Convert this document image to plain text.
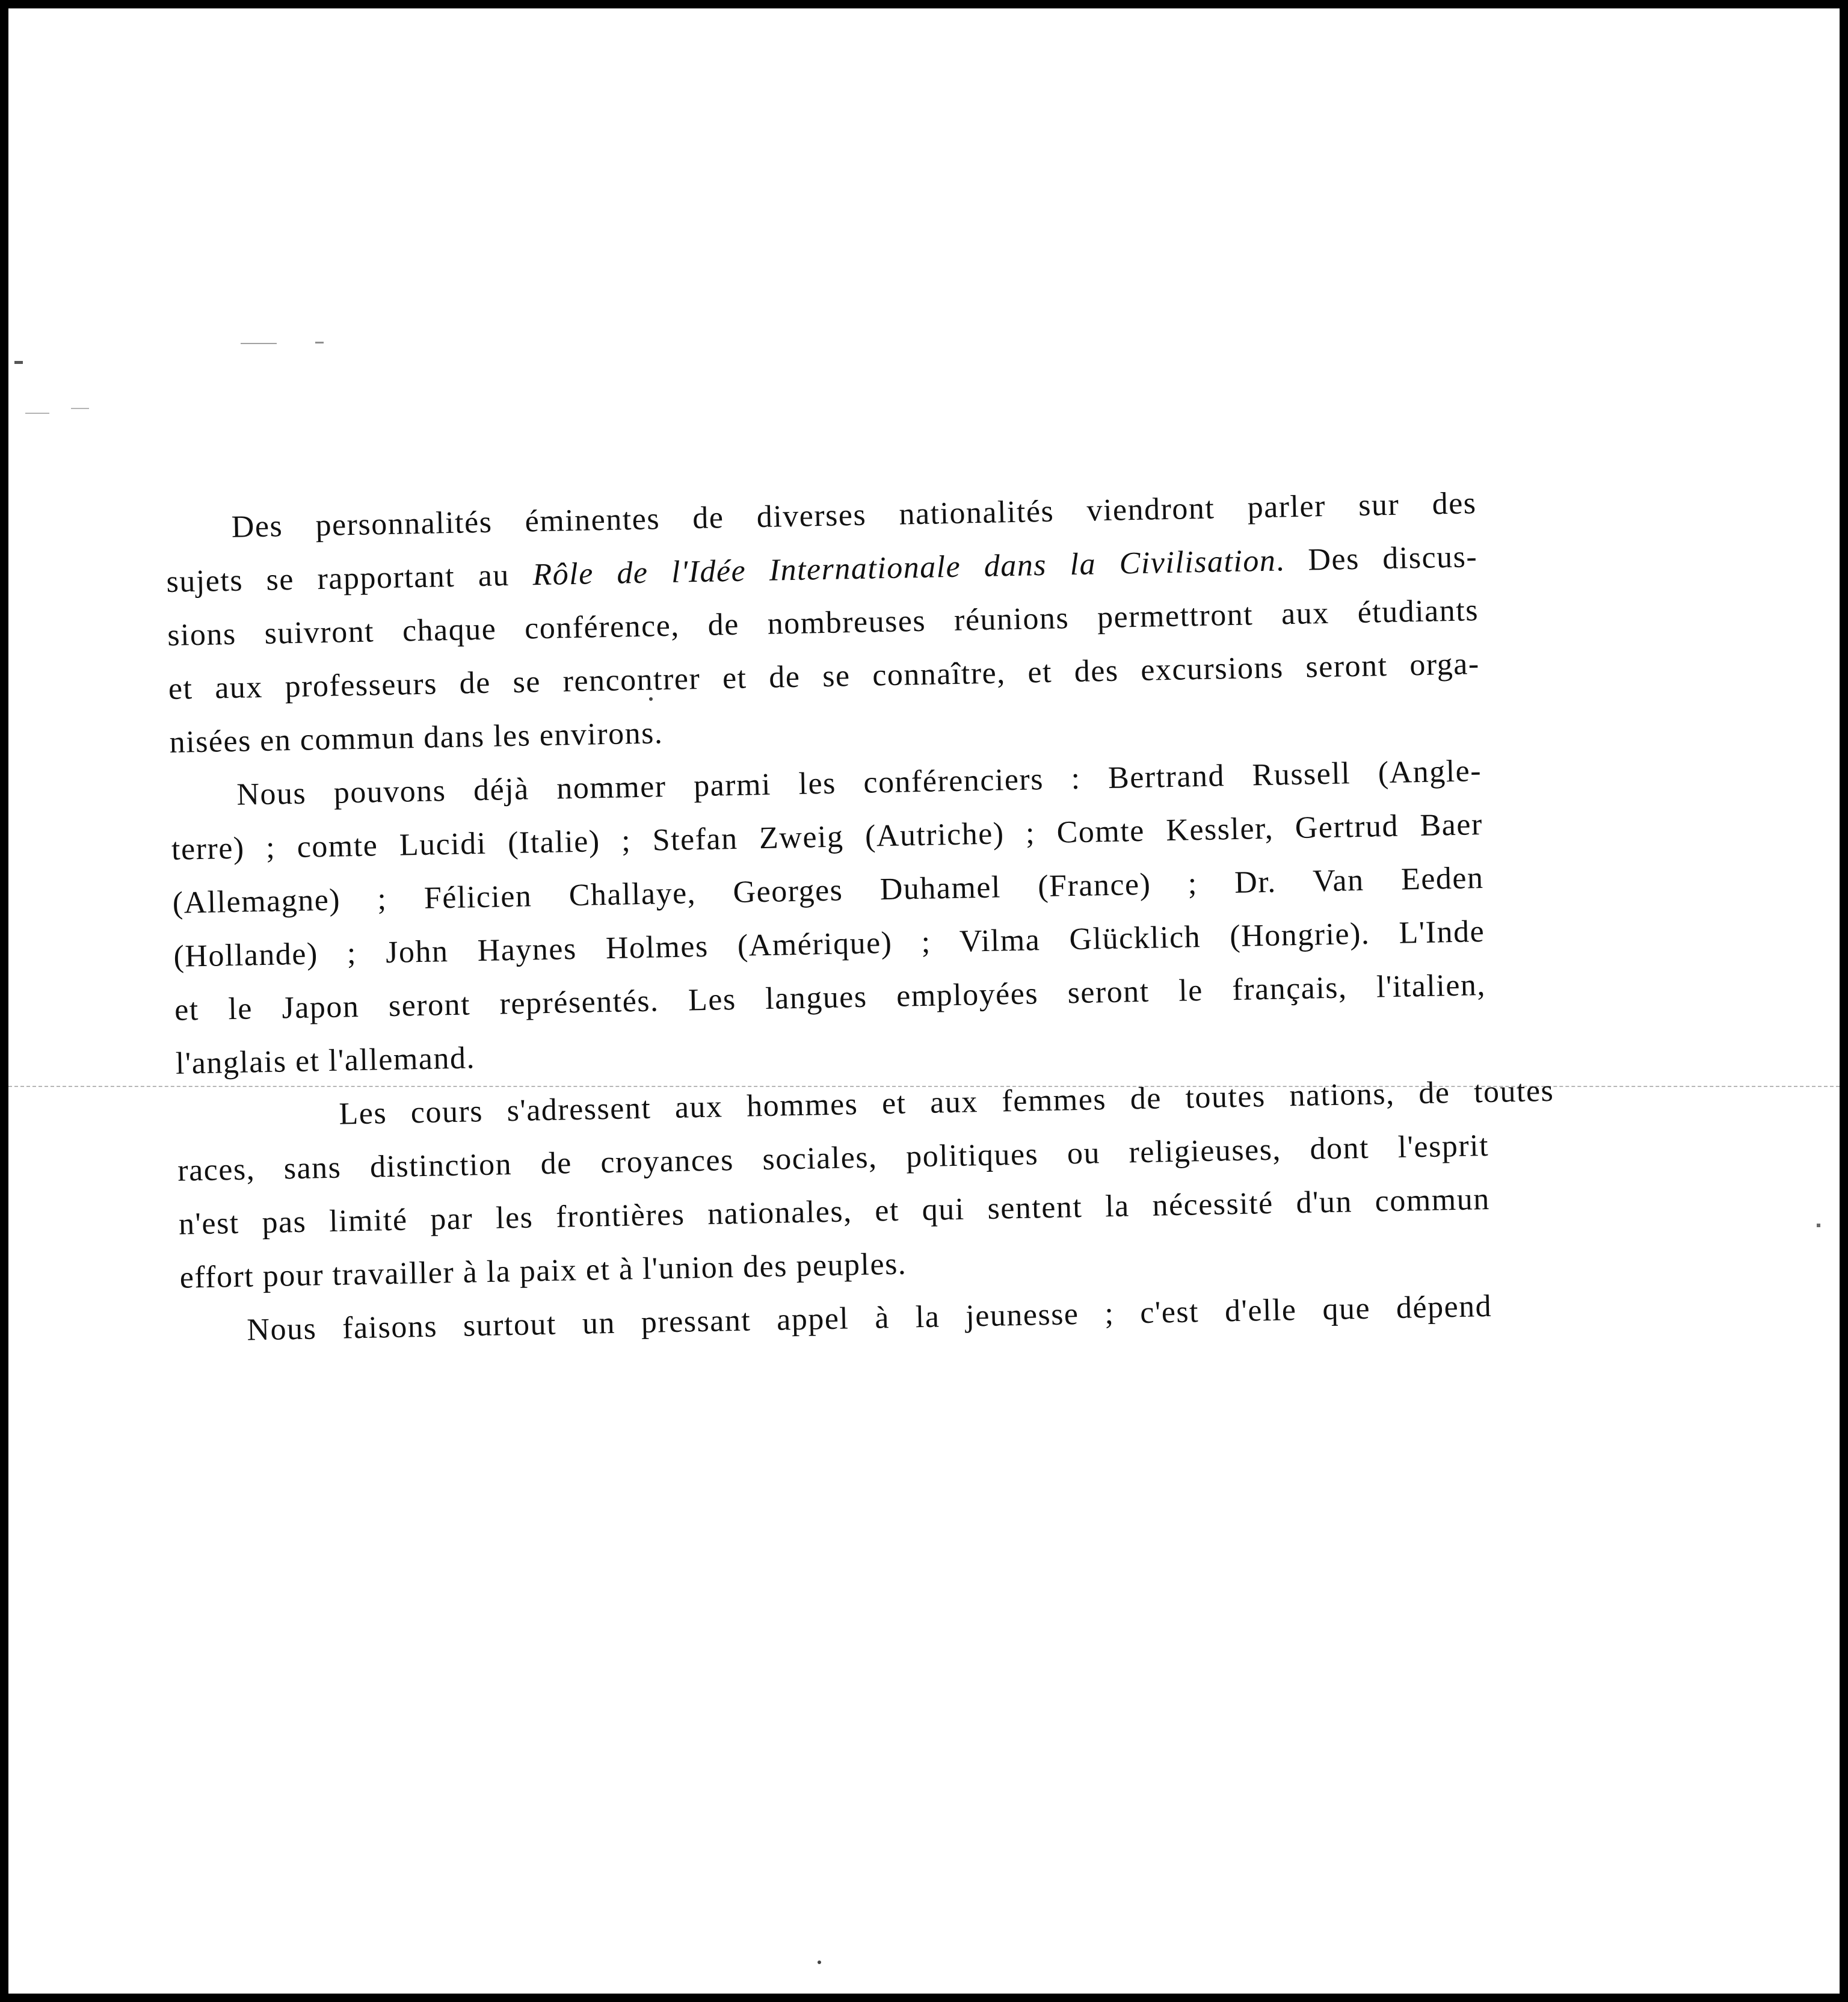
Des personnalités éminentes de diverses nationalités viendront parler sur des
sujets se rapportant au Rôle de l'Idée Internationale dans la Civilisation. Des discus-
sions suivront chaque conférence, de nombreuses réunions permettront aux étudiants
et aux professeurs de se rencontrer et de se connaître, et des excursions seront orga-
nisées en commun dans les environs.
Nous pouvons déjà nommer parmi les conférenciers : Bertrand Russell (Angle-
terre) ; comte Lucidi (Italie) ; Stefan Zweig (Autriche) ; Comte Kessler, Gertrud Baer
(Allemagne) ; Félicien Challaye, Georges Duhamel (France) ; Dr. Van Eeden
(Hollande) ; John Haynes Holmes (Amérique) ; Vilma Glücklich (Hongrie). L'Inde
et le Japon seront représentés. Les langues employées seront le français, l'italien,
l'anglais et l'allemand.
Les cours s'adressent aux hommes et aux femmes de toutes nations, de toutes
races, sans distinction de croyances sociales, politiques ou religieuses, dont l'esprit
n'est pas limité par les frontières nationales, et qui sentent la nécessité d'un commun
effort pour travailler à la paix et à l'union des peuples.
Nous faisons surtout un pressant appel à la jeunesse ; c'est d'elle que dépend
